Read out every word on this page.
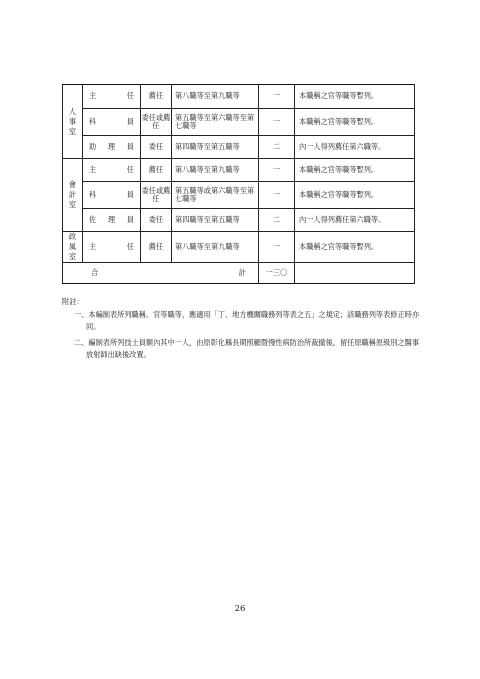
人事室	主任	薦任	第八職等至第九職等	一	本職稱之官等職等暫列。
	科員	委任或薦任	第五職等至第六職等至第七職等	一	本職稱之官等職等暫列。
	助理員	委任	第四職等至第五職等	二	內一人得列薦任第六職等。

會計室	主任	薦任	第八職等至第九職等	一	本職稱之官等職等暫列。
	科員	委任或薦任	第五職等或第六職等至第七職等	一	本職稱之官等職等暫列。
	佐理員	委任	第四職等至第五職等	二	內一人得列薦任第六職等。

政風室	主任	薦任	第八職等至第九職等	一	本職稱之官等職等暫列。
合計				一三〇	

附註：

一、本編制表所列職稱、官等職等，應適用「丁、地方機關職務列等表之五」之規定；該職務列等表修正時亦同。

二、編制表所列技士員額內其中一人，由原彰化縣長期照顧暨慢性病防治所裁撤後，留任原職稱原級別之醫事放射師出缺後改置。

26
